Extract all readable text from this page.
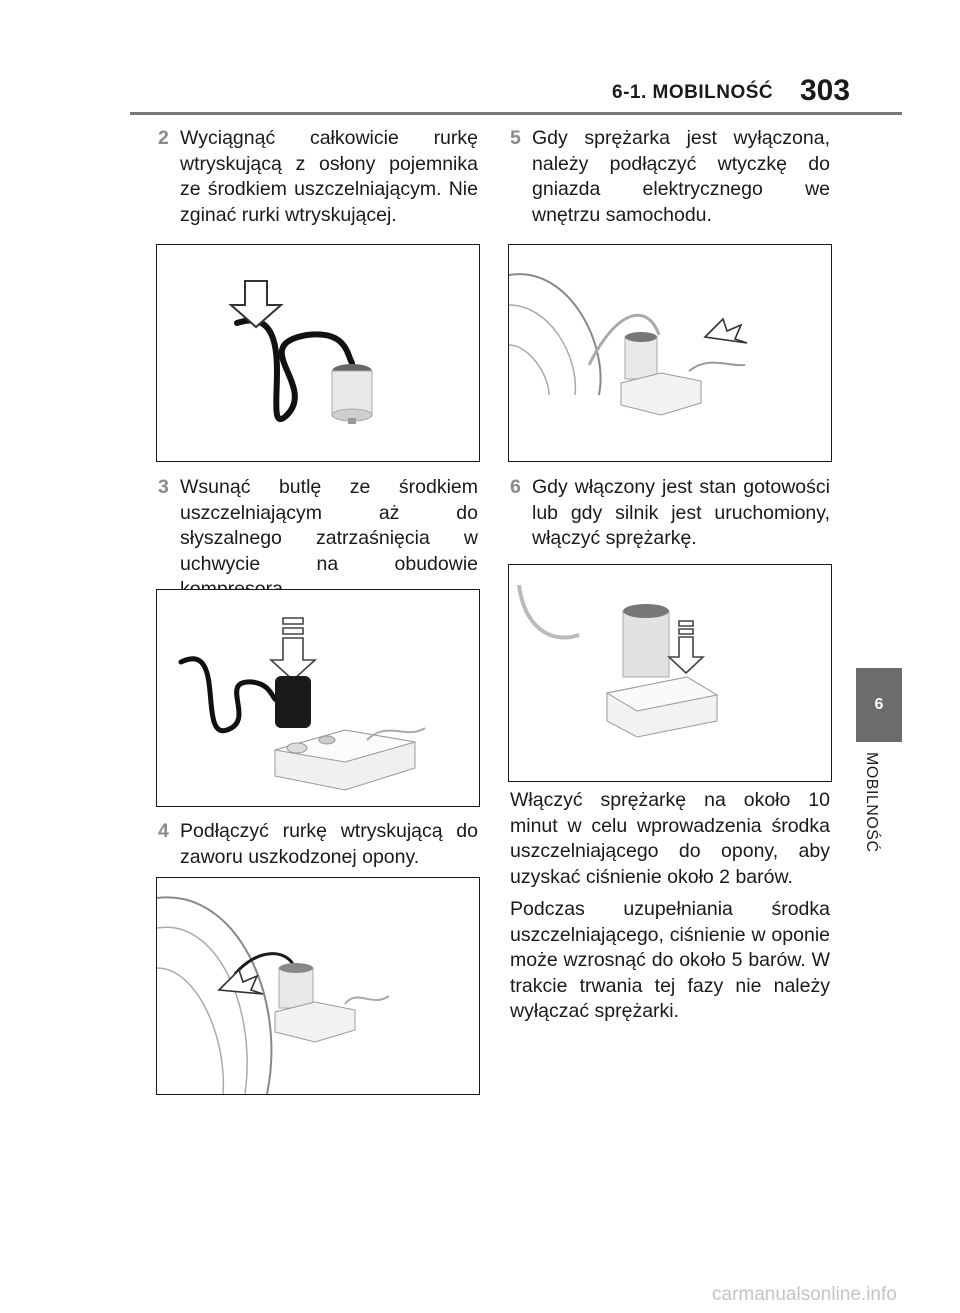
6-1. MOBILNOŚĆ 303
6
MOBILNOŚĆ
2 Wyciągnąć całkowicie rurkę wtryskującą z osłony pojemnika ze środkiem uszczelniającym. Nie zginać rurki wtryskującej.
3 Wsunąć butlę ze środkiem uszczelniającym aż do słyszalnego zatrzaśnięcia w uchwycie na obudowie
4 Podłączyć rurkę wtryskującą do zaworu uszkodzonej opony.
5 Gdy sprężarka jest wyłączona, należy podłączyć wtyczkę do gniazda elektrycznego we wnętrzu samochodu.
6 Gdy włączony jest stan gotowości lub gdy silnik jest uruchomiony, włączyć sprężarkę.
Włączyć sprężarkę na około 10 minut w celu wprowadzenia środka uszczelniającego do opony, aby uzyskać ciśnienie około 2 barów.
Podczas uzupełniania środka uszczelniającego, ciśnienie w oponie może wzrosnąć do około 5 barów. W trakcie trwania tej fazy nie należy wyłączać sprężarki.
carmanualsonline.info
